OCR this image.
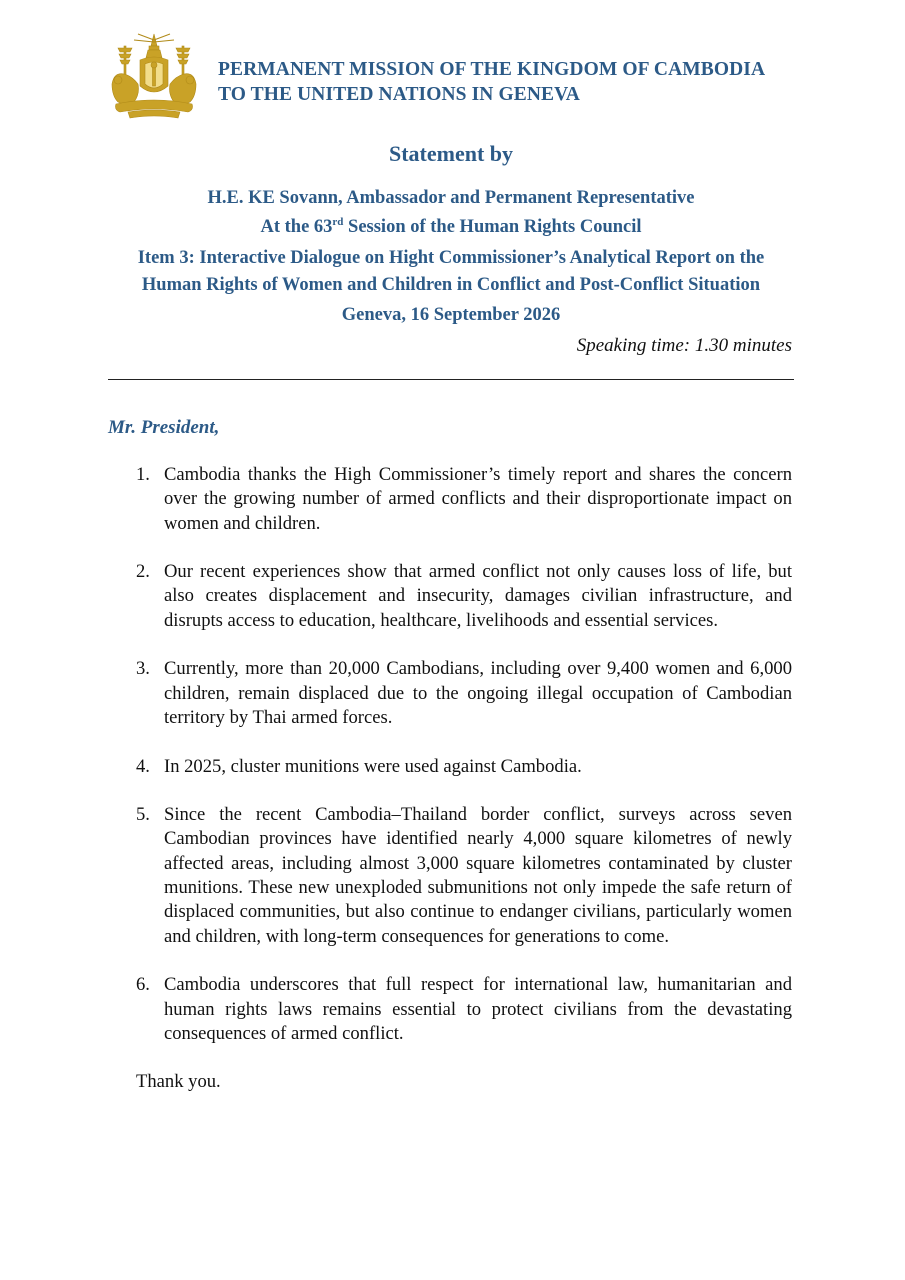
PERMANENT MISSION OF THE KINGDOM OF CAMBODIA
TO THE UNITED NATIONS IN GENEVA
Statement by
H.E. KE Sovann, Ambassador and Permanent Representative
At the 63rd Session of the Human Rights Council
Item 3: Interactive Dialogue on Hight Commissioner’s Analytical Report on the
Human Rights of Women and Children in Conflict and Post-Conflict Situation
Geneva, 16 September 2026
Speaking time: 1.30 minutes
Mr. President,
1. Cambodia thanks the High Commissioner’s timely report and shares the concern over the growing number of armed conflicts and their disproportionate impact on women and children.
2. Our recent experiences show that armed conflict not only causes loss of life, but also creates displacement and insecurity, damages civilian infrastructure, and disrupts access to education, healthcare, livelihoods and essential services.
3. Currently, more than 20,000 Cambodians, including over 9,400 women and 6,000 children, remain displaced due to the ongoing illegal occupation of Cambodian territory by Thai armed forces.
4. In 2025, cluster munitions were used against Cambodia.
5. Since the recent Cambodia–Thailand border conflict, surveys across seven Cambodian provinces have identified nearly 4,000 square kilometres of newly affected areas, including almost 3,000 square kilometres contaminated by cluster munitions. These new unexploded submunitions not only impede the safe return of displaced communities, but also continue to endanger civilians, particularly women and children, with long-term consequences for generations to come.
6. Cambodia underscores that full respect for international law, humanitarian and human rights laws remains essential to protect civilians from the devastating consequences of armed conflict.
Thank you.
